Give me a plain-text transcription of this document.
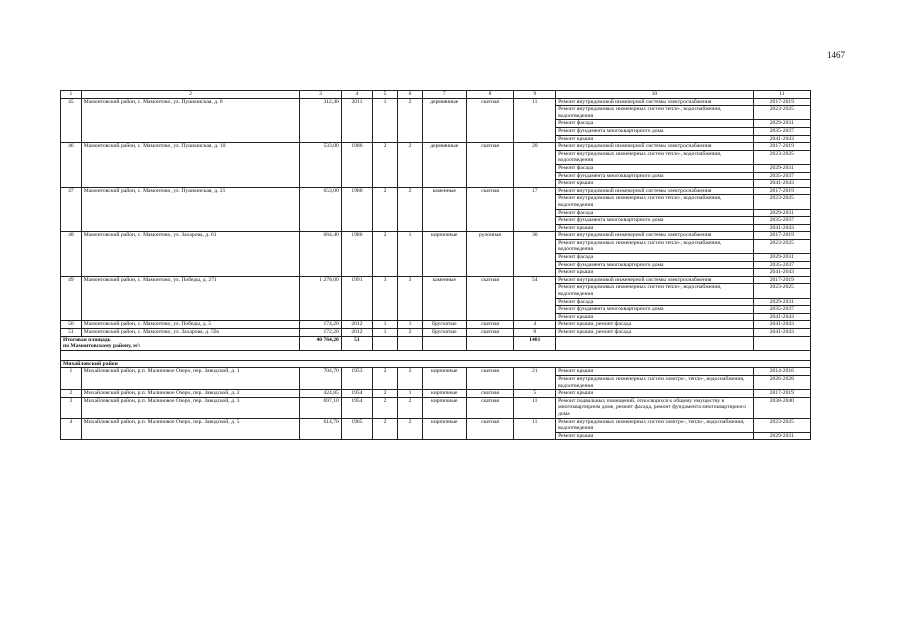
1467
1	2	3	4	5	6	7	8	9	10	11
45	Мамонтовский район, с. Мамонтово, ул. Пушкинская, д. 8	312,40	2011	1	2	деревянные	скатная	11	Ремонт внутридомовой инженерной системы электроснабжения	2017-2019
									Ремонт внутридомовых инженерных систем тепло-, водоснабжения, водоотведения	2023-2025
									Ремонт фасада	2029-2031
									Ремонт фундамента многоквартирного дома	2035-2037
									Ремонт крыши	2041-2043
46	Мамонтовский район, с. Мамонтово, ул. Пушкинская, д. 10	533,00	1986	2	2	деревянные	скатная	20	Ремонт внутридомовой инженерной системы электроснабжения	2017-2019
									Ремонт внутридомовых инженерных систем тепло-, водоснабжения, водоотведения	2023-2025
									Ремонт фасада	2029-2031
									Ремонт фундамента многоквартирного дома	2035-2037
									Ремонт крыши	2041-2043
47	Мамонтовский район, с. Мамонтово, ул. Пушкинская, д. 21	653,00	1980	2	2	каменные	скатная	17	Ремонт внутридомовой инженерной системы электроснабжения	2017-2019
									Ремонт внутридомовых инженерных систем тепло-, водоснабжения, водоотведения	2023-2025
									Ремонт фасада	2029-2031
									Ремонт фундамента многоквартирного дома	2035-2037
									Ремонт крыши	2041-2043
48	Мамонтовский район, с. Мамонтово, ул. Захарова, д. 61	664,40	1986	2	1	кирпичные	рулонная	30	Ремонт внутридомовой инженерной системы электроснабжения	2017-2019
									Ремонт внутридомовых инженерных систем тепло-, водоснабжения, водоотведения	2023-2025
									Ремонт фасада	2029-2031
									Ремонт фундамента многоквартирного дома	2035-2037
									Ремонт крыши	2041-2043
49	Мамонтовский район, с. Мамонтово, ул. Победы, д. 271	1 278,00	1991	3	3	каменные	скатная	54	Ремонт внутридомовой инженерной системы электроснабжения	2017-2019
									Ремонт внутридомовых инженерных систем тепло-, водоснабжения, водоотведения	2023-2025
									Ремонт фасада	2029-2031
									Ремонт фундамента многоквартирного дома	2035-2037
									Ремонт крыши	2041-2043
50	Мамонтовский район, с. Мамонтово, ул. Победы, д. 5	174,20	2012	1	1	брусчатые	скатная	4	Ремонт крыши, ремонт фасада	2041-2043
51	Мамонтовский район, с. Мамонтово, ул. Захарова, д. 59а	172,20	2012	1	2	брусчатые	скатная	8	Ремонт крыши, ремонт фасада	2041-2043
Итоговая площадь
по Мамонтовскому району, м²:		40 764,20	51					1401		

Михайловский район										
1	Михайловский район, р.п. Малиновое Озеро, пер. Заводской, д. 1	704,70	1953	2	2	кирпичные	скатная	21	Ремонт крыши	2014-2016
									Ремонт внутридомовых инженерных систем электро-, тепло-, водоснабжения, водоотведения	2026-2028
2	Михайловский район, р.п. Малиновое Озеро, пер. Заводской, д. 2	424,85	1954	2	1	кирпичные	скатная	5	Ремонт крыши	2017-2019
3	Михайловский район, р.п. Малиновое Озеро, пер. Заводской, д. 3	697,10	1954	2	2	кирпичные	скатная	11	Ремонт подвальных помещений, относящихся к общему имуществу в многоквартирном доме, ремонт фасада, ремонт фундамента многоквартирного дома	2038-2040
4	Михайловский район, р.п. Малиновое Озеро, пер. Заводской, д. 5	614,70	1965	2	2	кирпичные	скатная	11	Ремонт внутридомовых инженерных систем электро-, тепло-, водоснабжения, водоотведения	2023-2025
									Ремонт крыши	2029-2031
